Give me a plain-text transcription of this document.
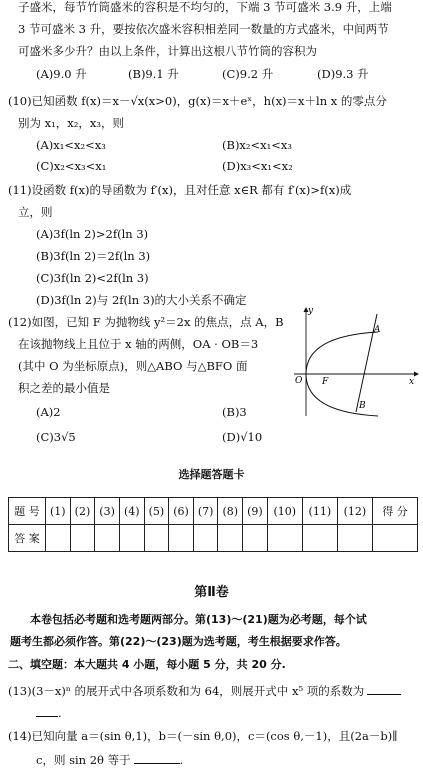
子盛米，每节竹筒盛米的容积是不均匀的，下端 3 节可盛米 3.9 升，上端
3 节可盛米 3 升，要按依次盛米容积相差同一数量的方式盛米，中间两节
可盛米多少升？由以上条件，计算出这根八节竹筒的容积为
(A)9.0 升	(B)9.1 升	(C)9.2 升	(D)9.3 升
(10)已知函数 f(x)＝x－√x(x>0)，g(x)＝x＋eˣ，h(x)＝x＋ln x 的零点分
别为 x₁，x₂，x₃，则
(A)x₁<x₂<x₃	(B)x₂<x₁<x₃
(C)x₂<x₃<x₁	(D)x₃<x₁<x₂
(11)设函数 f(x)的导函数为 f′(x)，且对任意 x∈R 都有 f′(x)>f(x)成
立，则
(A)3f(ln 2)>2f(ln 3)
(B)3f(ln 2)＝2f(ln 3)
(C)3f(ln 2)<2f(ln 3)
(D)3f(ln 2)与 2f(ln 3)的大小关系不确定
(12)如图，已知 F 为抛物线 y²＝2x 的焦点，点 A，B
在该抛物线上且位于 x 轴的两侧，OA · OB＝3
(其中 O 为坐标原点)，则△ABO 与△BFO 面
积之差的最小值是
(A)2	(B)3
(C)3√5	(D)√10
y
x
O F
A
B
选择题答题卡
题 号	(1)	(2)	(3)	(4)	(5)	(6)	(7)	(8)	(9)	(10)	(11)	(12)	得 分
答 案													
第Ⅱ卷
本卷包括必考题和选考题两部分。第(13)～(21)题为必考题，每个试
题考生都必须作答。第(22)～(23)题为选考题，考生根据要求作答。
二、填空题：本大题共 4 小题，每小题 5 分，共 20 分.
(13)(3－x)ⁿ 的展开式中各项系数和为 64，则展开式中 x⁵ 项的系数为
.
(14)已知向量 a＝(sin θ,1)，b＝(－sin θ,0)，c＝(cos θ,－1)，且(2a－b)∥
c，则 sin 2θ 等于	.
